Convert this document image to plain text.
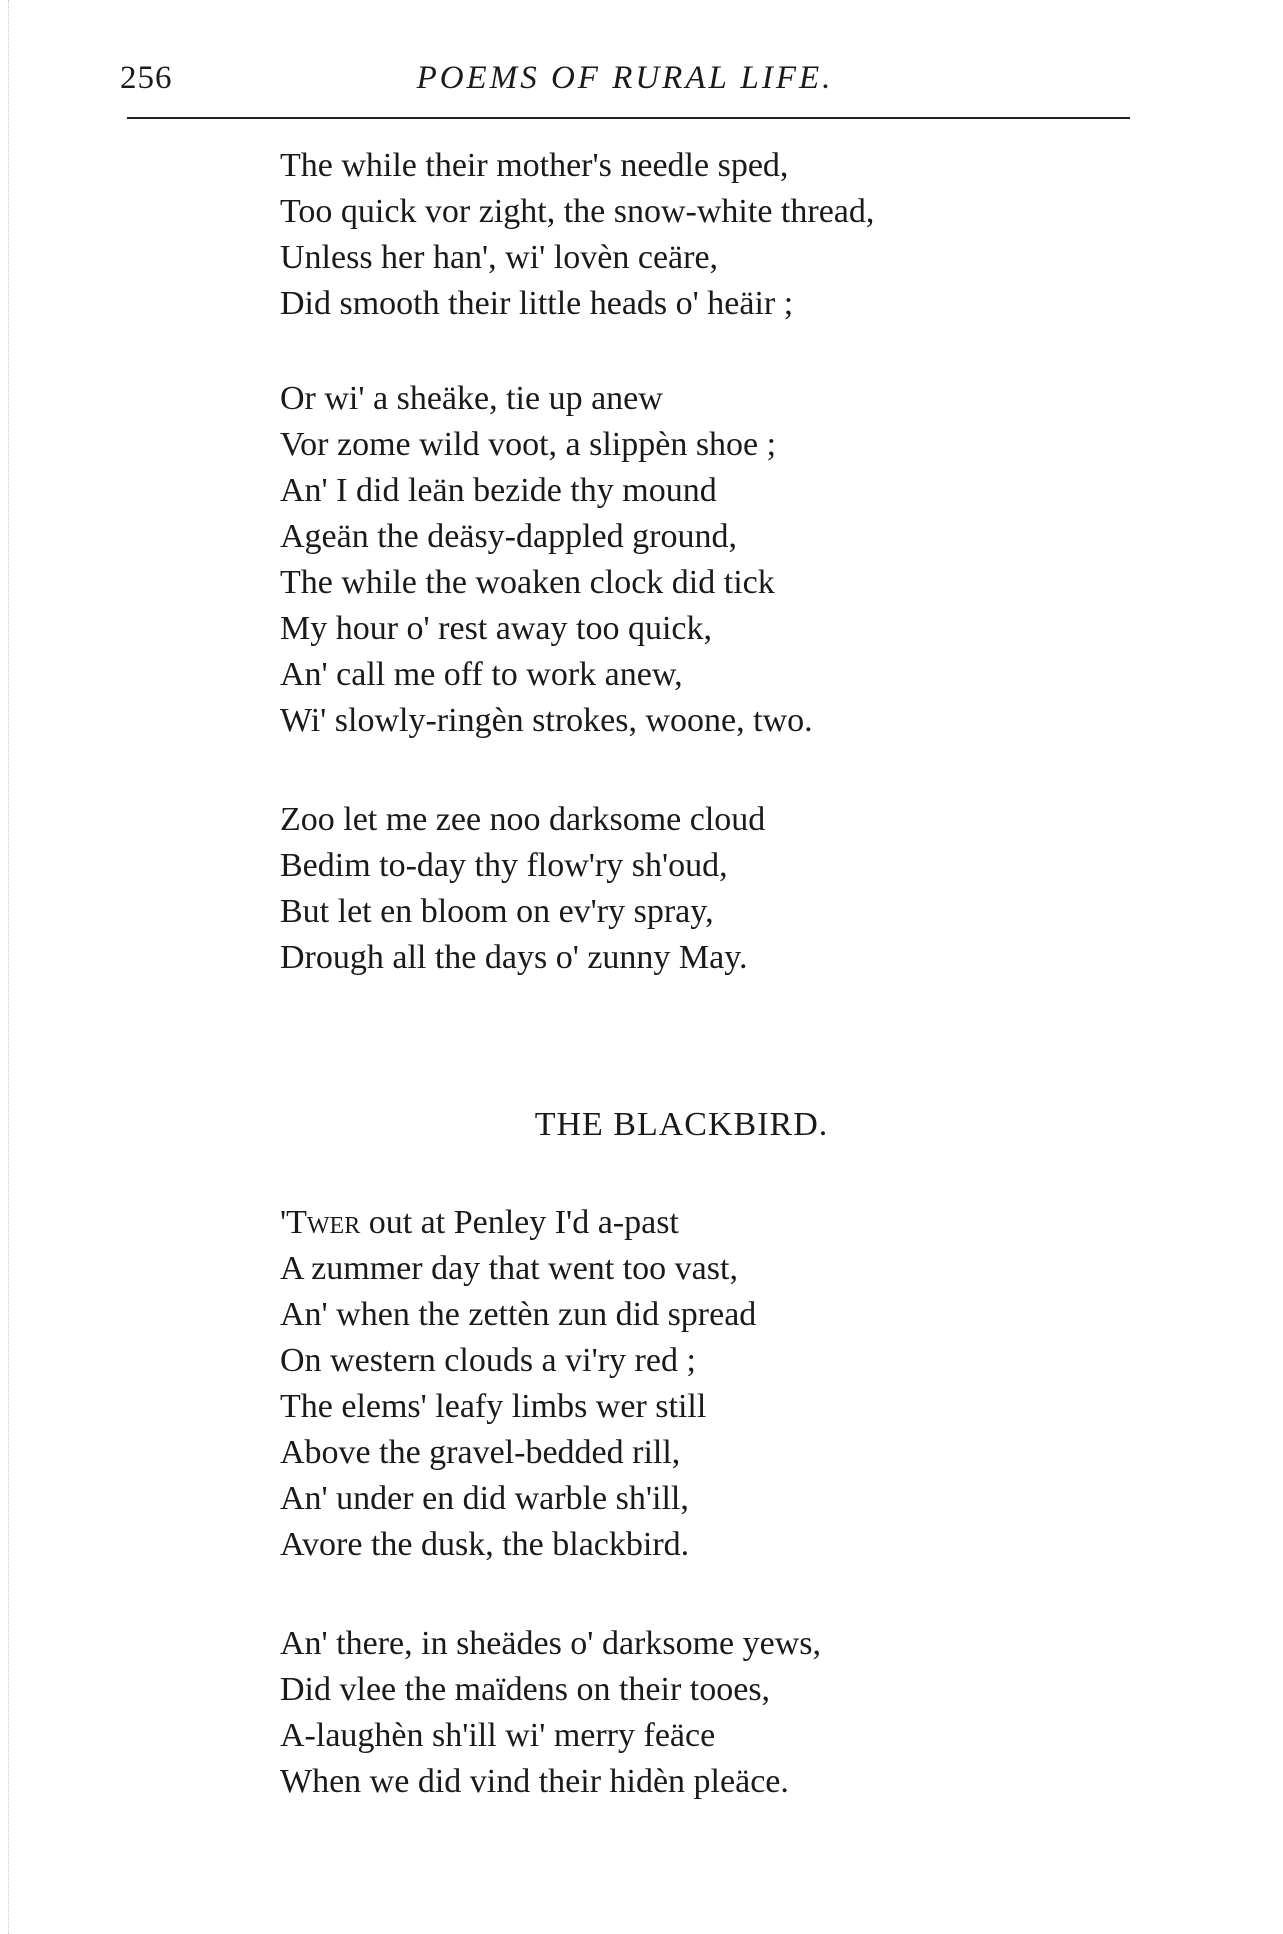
256	POEMS OF RURAL LIFE.
The while their mother's needle sped,
Too quick vor zight, the snow-white thread,
Unless her han', wi' lovèn ceäre,
Did smooth their little heads o' heäir ;
Or wi' a sheäke, tie up anew
Vor zome wild voot, a slippèn shoe ;
An' I did leän bezide thy mound
Ageän the deäsy-dappled ground,
The while the woaken clock did tick
My hour o' rest away too quick,
An' call me off to work anew,
Wi' slowly-ringèn strokes, woone, two.
Zoo let me zee noo darksome cloud
Bedim to-day thy flow'ry sh'oud,
But let en bloom on ev'ry spray,
Drough all the days o' zunny May.
THE BLACKBIRD.
'Twer out at Penley I'd a-past
A zummer day that went too vast,
An' when the zettèn zun did spread
On western clouds a vi'ry red ;
The elems' leafy limbs wer still
Above the gravel-bedded rill,
An' under en did warble sh'ill,
Avore the dusk, the blackbird.
An' there, in sheädes o' darksome yews,
Did vlee the maïdens on their tooes,
A-laughèn sh'ill wi' merry feäce
When we did vind their hidèn pleäce.
